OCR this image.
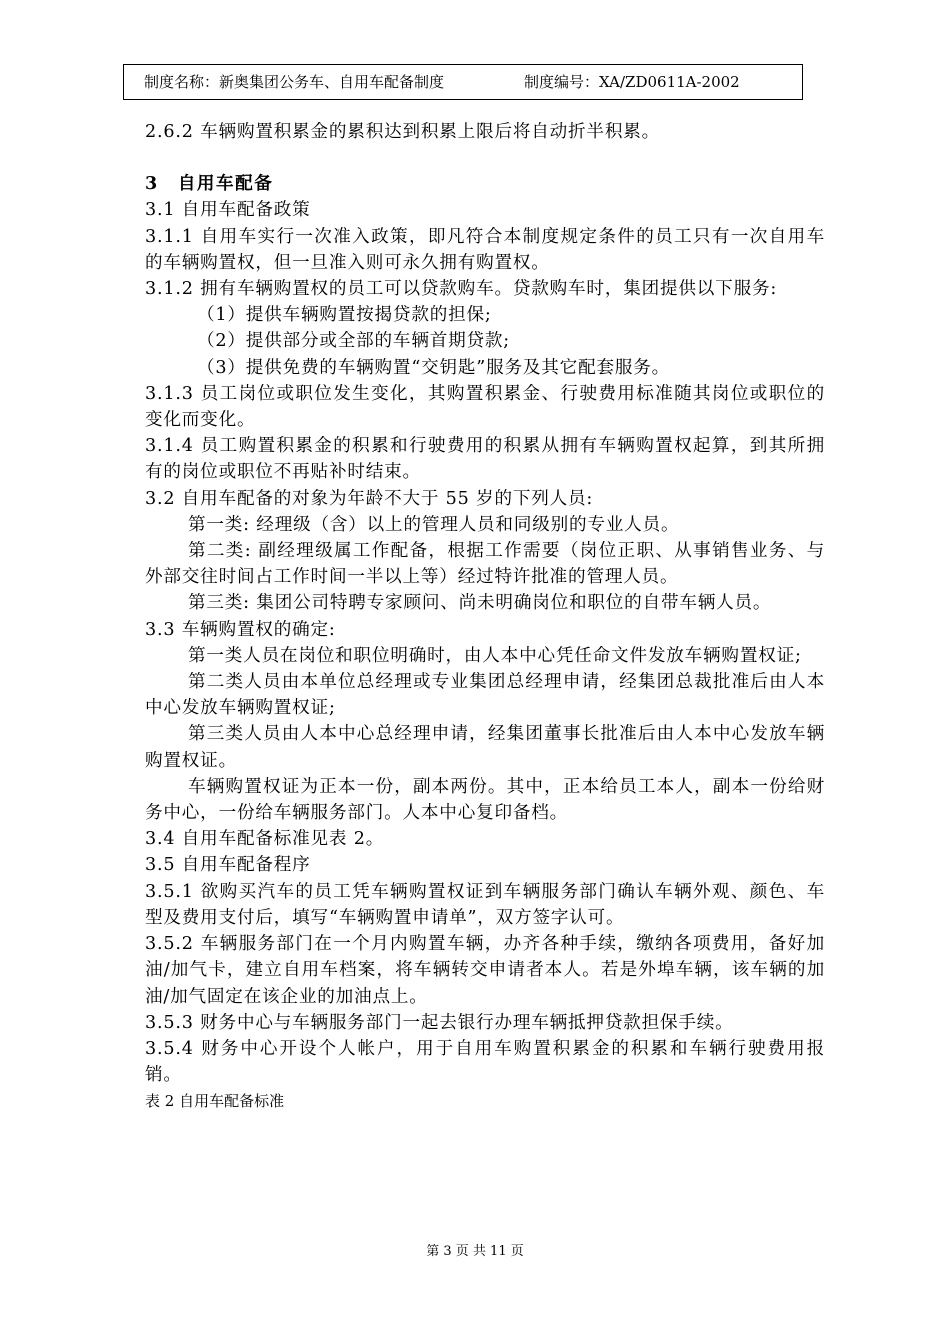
制度名称：新奥集团公务车、自用车配备制度	制度编号：XA/ZD0611A-2002

2.6.2 车辆购置积累金的累积达到积累上限后将自动折半积累。

3　自用车配备

3.1 自用车配备政策

3.1.1 自用车实行一次准入政策，即凡符合本制度规定条件的员工只有一次自用车的车辆购置权，但一旦准入则可永久拥有购置权。

3.1.2 拥有车辆购置权的员工可以贷款购车。贷款购车时，集团提供以下服务:

（1）提供车辆购置按揭贷款的担保;

（2）提供部分或全部的车辆首期贷款;

（3）提供免费的车辆购置“交钥匙”服务及其它配套服务。

3.1.3 员工岗位或职位发生变化，其购置积累金、行驶费用标准随其岗位或职位的变化而变化。

3.1.4 员工购置积累金的积累和行驶费用的积累从拥有车辆购置权起算，到其所拥有的岗位或职位不再贴补时结束。

3.2 自用车配备的对象为年龄不大于 55 岁的下列人员:

第一类: 经理级（含）以上的管理人员和同级别的专业人员。

第二类: 副经理级属工作配备，根据工作需要（岗位正职、从事销售业务、与外部交往时间占工作时间一半以上等）经过特许批准的管理人员。

第三类: 集团公司特聘专家顾问、尚未明确岗位和职位的自带车辆人员。

3.3 车辆购置权的确定:

第一类人员在岗位和职位明确时，由人本中心凭任命文件发放车辆购置权证;

第二类人员由本单位总经理或专业集团总经理申请，经集团总裁批准后由人本中心发放车辆购置权证;

第三类人员由人本中心总经理申请，经集团董事长批准后由人本中心发放车辆购置权证。

车辆购置权证为正本一份，副本两份。其中，正本给员工本人，副本一份给财务中心，一份给车辆服务部门。人本中心复印备档。

3.4 自用车配备标准见表 2。

3.5 自用车配备程序

3.5.1 欲购买汽车的员工凭车辆购置权证到车辆服务部门确认车辆外观、颜色、车型及费用支付后，填写“车辆购置申请单”，双方签字认可。

3.5.2 车辆服务部门在一个月内购置车辆，办齐各种手续，缴纳各项费用，备好加油/加气卡，建立自用车档案，将车辆转交申请者本人。若是外埠车辆，该车辆的加油/加气固定在该企业的加油点上。

3.5.3 财务中心与车辆服务部门一起去银行办理车辆抵押贷款担保手续。

3.5.4 财务中心开设个人帐户，用于自用车购置积累金的积累和车辆行驶费用报销。

表 2 自用车配备标准

第 3 页 共 11 页
